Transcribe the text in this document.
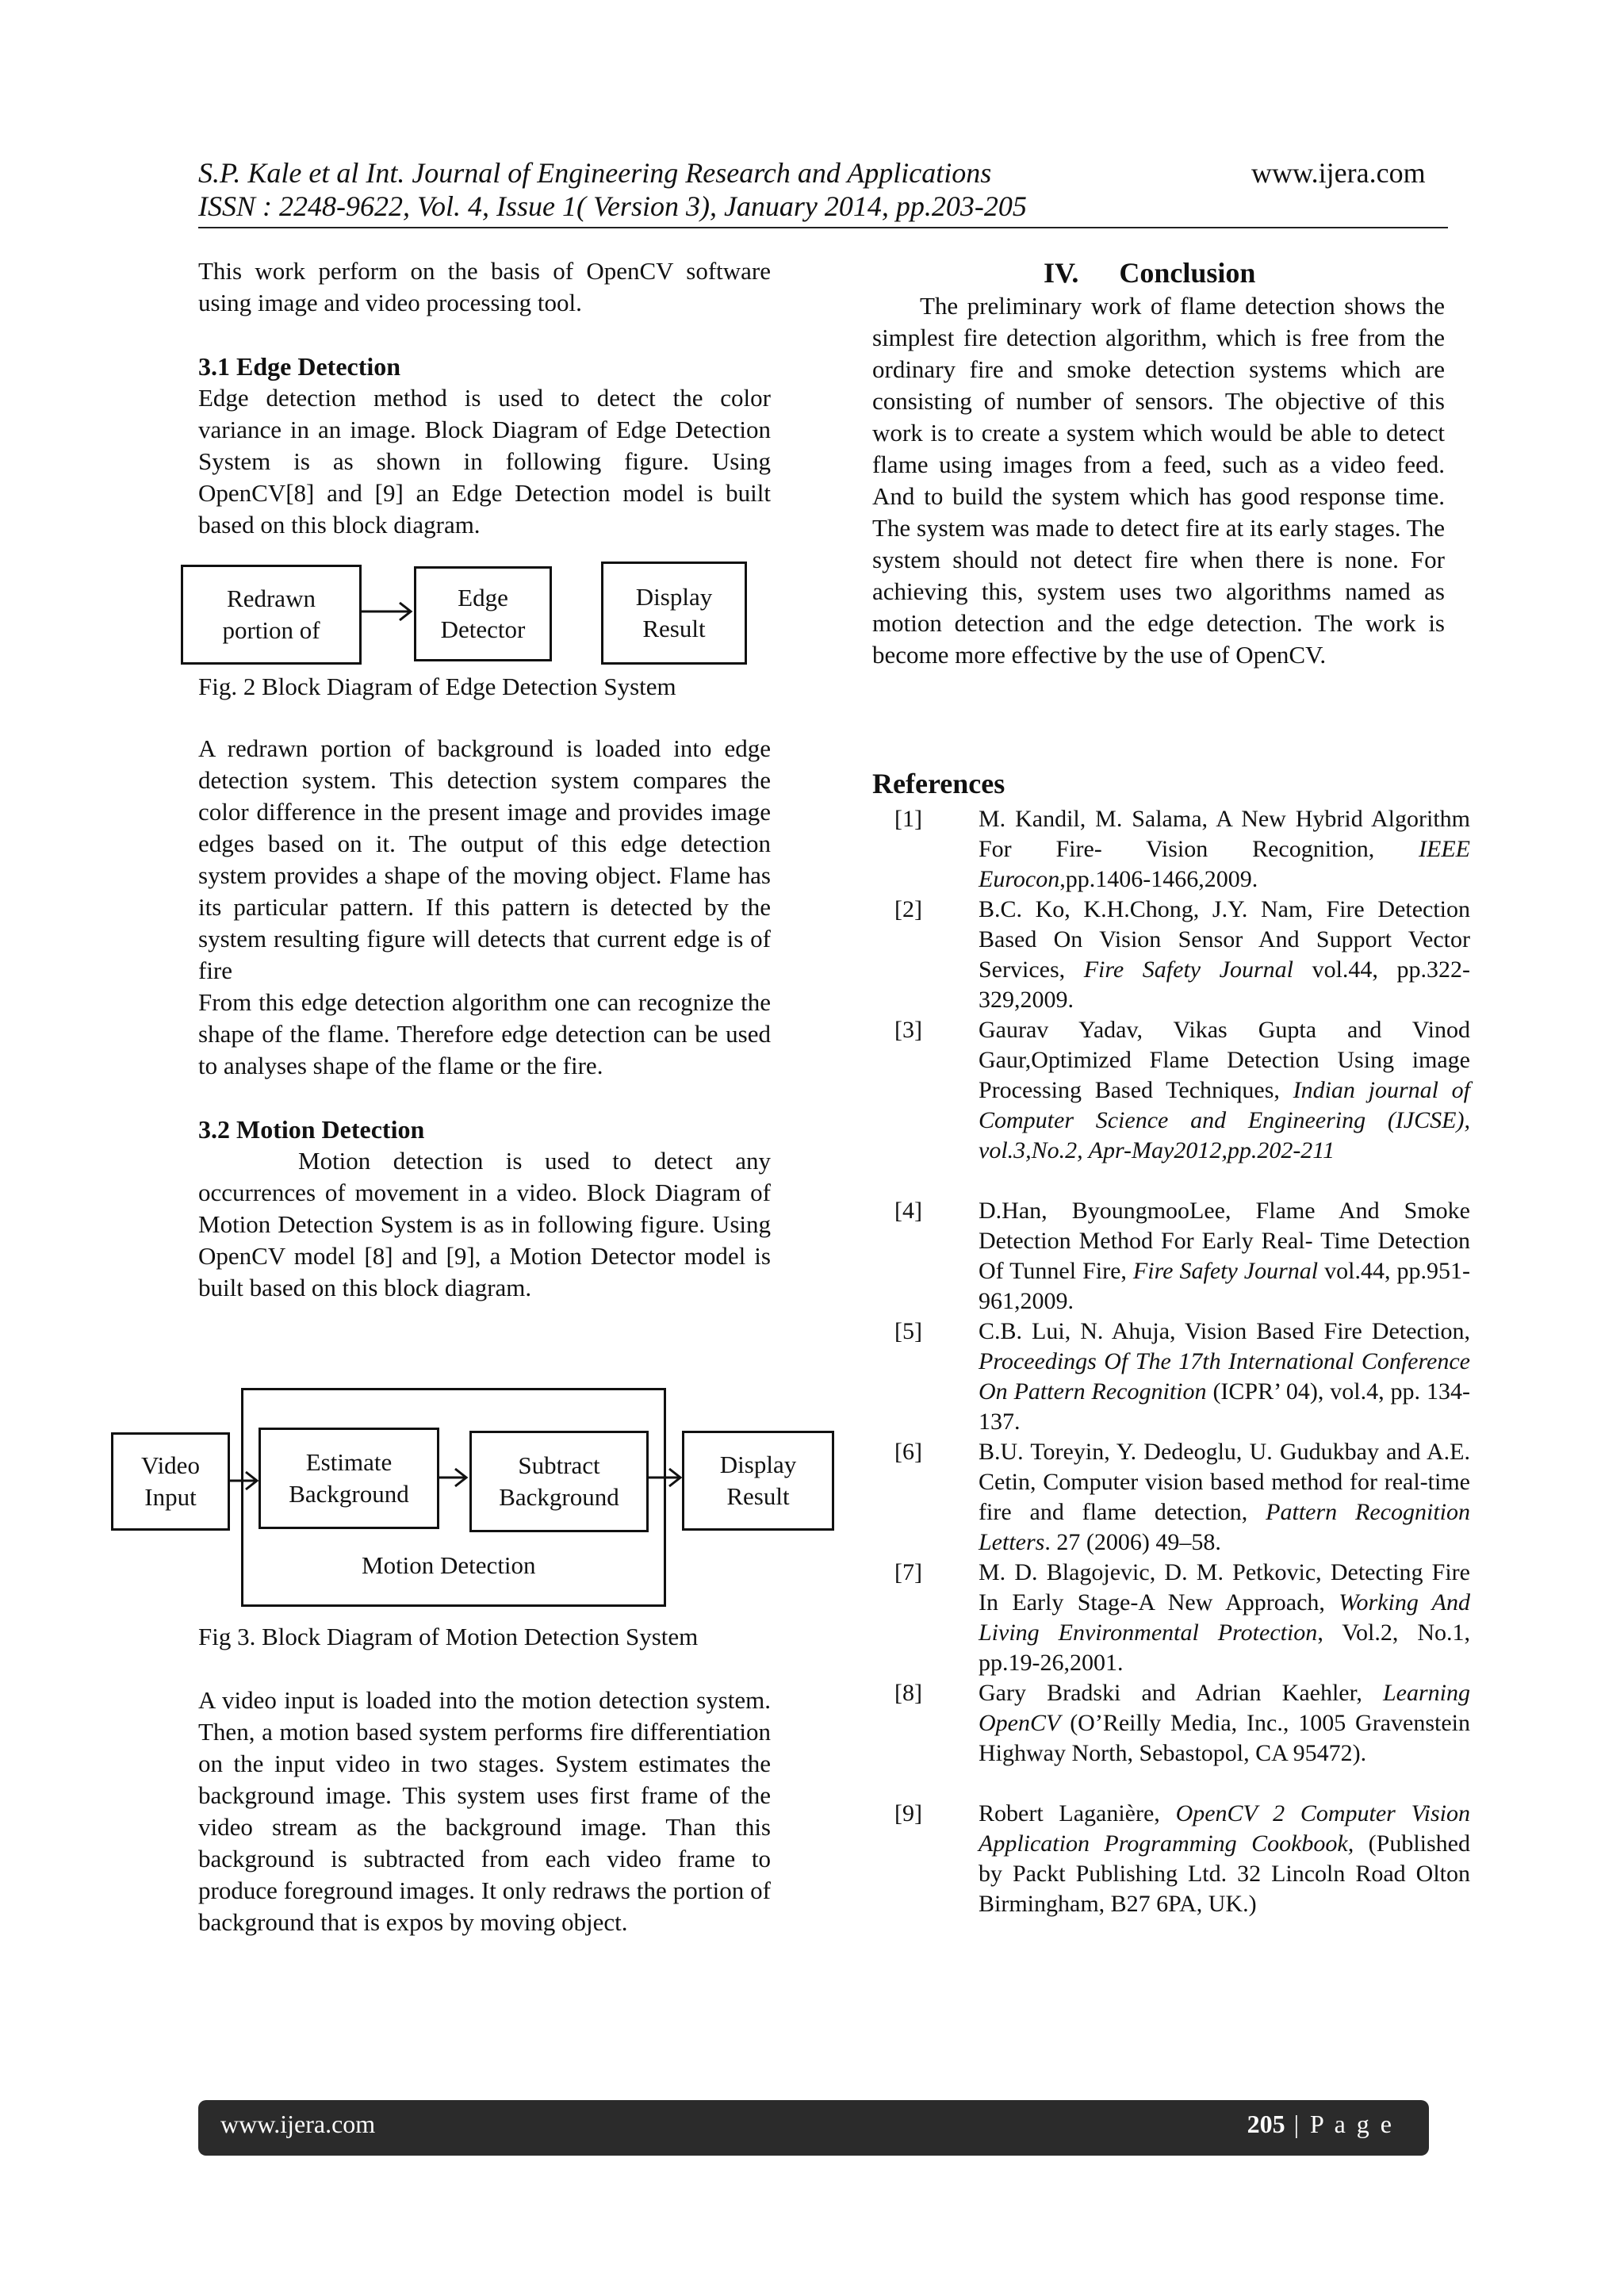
S.P. Kale et al Int. Journal of Engineering Research and Applications	www.ijera.com
ISSN : 2248-9622, Vol. 4, Issue 1( Version 3), January 2014, pp.203-205

This work perform on the basis of OpenCV software using image and video processing tool.

3.1 Edge Detection

Edge detection method is used to detect the color variance in an image. Block Diagram of Edge Detection System is as shown in following figure. Using OpenCV[8] and [9] an Edge Detection model is built based on this block diagram.

Redrawn
portion of
Edge
Detector
Display
Result
Fig. 2 Block Diagram of Edge Detection System

A redrawn portion of background is loaded into edge detection system. This detection system compares the color difference in the present image and provides image edges based on it. The output of this edge detection system provides a shape of the moving object. Flame has its particular pattern. If this pattern is detected by the system resulting figure will detects that current edge is of fire

From this edge detection algorithm one can recognize the shape of the flame. Therefore edge detection can be used to analyses shape of the flame or the fire.

3.2 Motion Detection

Motion detection is used to detect any occurrences of movement in a video. Block Diagram of Motion Detection System is as in following figure. Using OpenCV model [8] and [9], a Motion Detector model is built based on this block diagram.

Motion Detection
Video
Input
Estimate
Background
Subtract
Background
Display
Result
Fig 3. Block Diagram of Motion Detection System

A video input is loaded into the motion detection system. Then, a motion based system performs fire differentiation on the input video in two stages. System estimates the background image. This system uses first frame of the video stream as the background image. Than this background is subtracted from each video frame to produce foreground images. It only redraws the portion of background that is expos by moving object.

IV. Conclusion

The preliminary work of flame detection shows the simplest fire detection algorithm, which is free from the ordinary fire and smoke detection systems which are consisting of number of sensors. The objective of this work is to create a system which would be able to detect flame using images from a feed, such as a video feed. And to build the system which has good response time. The system was made to detect fire at its early stages. The system should not detect fire when there is none. For achieving this, system uses two algorithms named as motion detection and the edge detection. The work is become more effective by the use of OpenCV.

References
[1] M. Kandil, M. Salama, A New Hybrid Algorithm For Fire- Vision Recognition, IEEE Eurocon,pp.1406-1466,2009.
[2] B.C. Ko, K.H.Chong, J.Y. Nam, Fire Detection Based On Vision Sensor And Support Vector Services, Fire Safety Journal vol.44, pp.322-329,2009.
[3] Gaurav Yadav, Vikas Gupta and Vinod Gaur,Optimized Flame Detection Using image Processing Based Techniques, Indian journal of Computer Science and Engineering (IJCSE), vol.3,No.2, Apr-May2012,pp.202-211
[4] D.Han, ByoungmooLee, Flame And Smoke Detection Method For Early Real- Time Detection Of Tunnel Fire, Fire Safety Journal vol.44, pp.951-961,2009.
[5] C.B. Lui, N. Ahuja, Vision Based Fire Detection, Proceedings Of The 17th International Conference On Pattern Recognition (ICPR’ 04), vol.4, pp. 134-137.
[6] B.U. Toreyin, Y. Dedeoglu, U. Gudukbay and A.E. Cetin, Computer vision based method for real-time fire and flame detection, Pattern Recognition Letters. 27 (2006) 49–58.
[7] M. D. Blagojevic, D. M. Petkovic, Detecting Fire In Early Stage-A New Approach, Working And Living Environmental Protection, Vol.2, No.1, pp.19-26,2001.
[8] Gary Bradski and Adrian Kaehler, Learning OpenCV (O’Reilly Media, Inc., 1005 Gravenstein Highway North, Sebastopol, CA 95472).
[9] Robert Laganière, OpenCV 2 Computer Vision Application Programming Cookbook, (Published by Packt Publishing Ltd. 32 Lincoln Road Olton Birmingham, B27 6PA, UK.)
www.ijera.com	205 | P a g e
